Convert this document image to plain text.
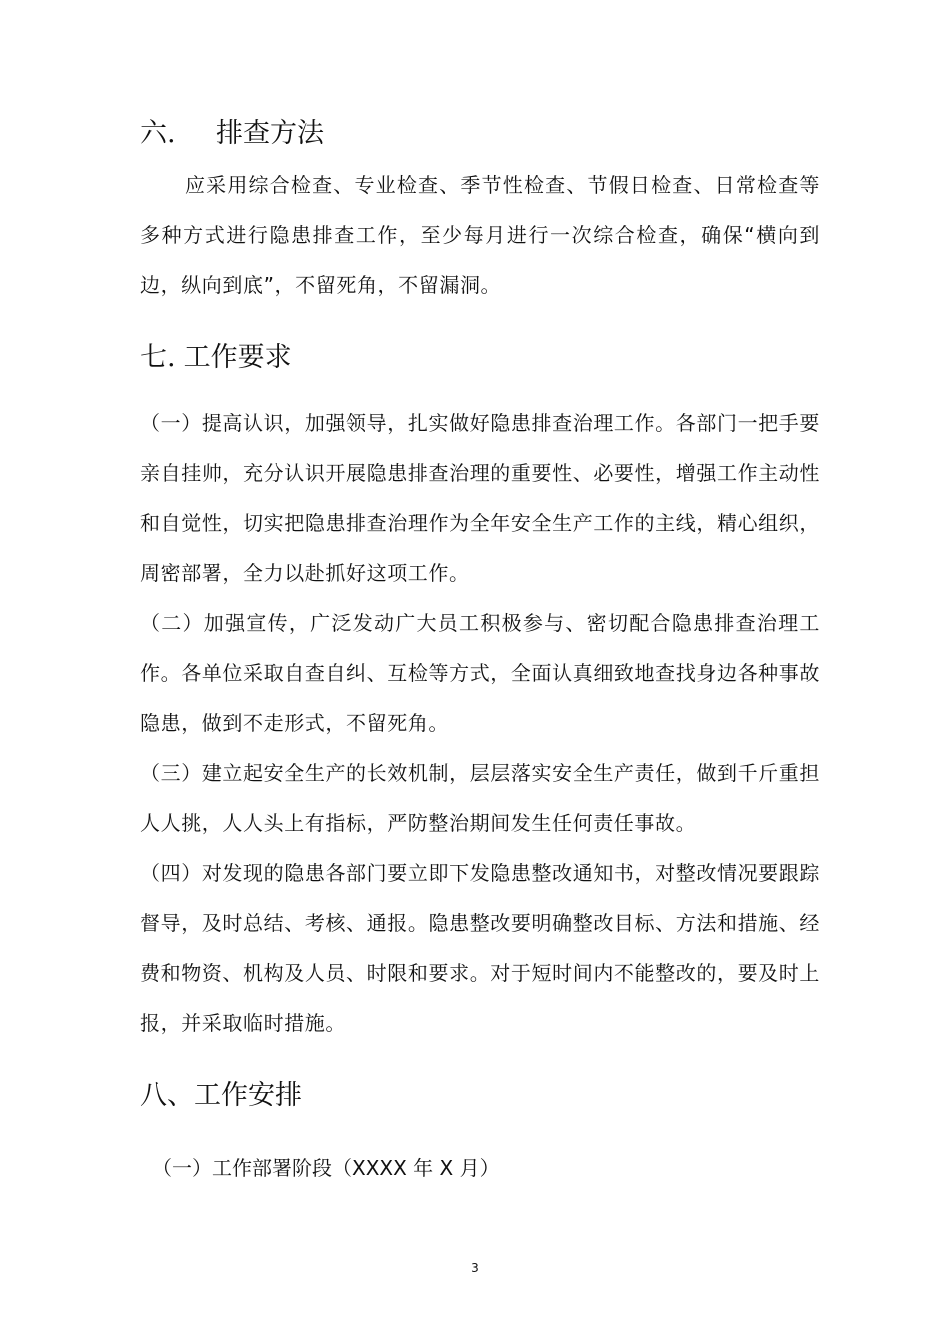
六. 排查方法

应采用综合检查、专业检查、季节性检查、节假日检查、日常检查等多种方式进行隐患排查工作，至少每月进行一次综合检查，确保“横向到边，纵向到底”，不留死角，不留漏洞。

七. 工作要求

（一）提高认识，加强领导，扎实做好隐患排查治理工作。各部门一把手要亲自挂帅，充分认识开展隐患排查治理的重要性、必要性，增强工作主动性和自觉性，切实把隐患排查治理作为全年安全生产工作的主线，精心组织，周密部署，全力以赴抓好这项工作。

（二）加强宣传，广泛发动广大员工积极参与、密切配合隐患排查治理工作。各单位采取自查自纠、互检等方式，全面认真细致地查找身边各种事故隐患，做到不走形式，不留死角。

（三）建立起安全生产的长效机制，层层落实安全生产责任，做到千斤重担人人挑，人人头上有指标，严防整治期间发生任何责任事故。

（四）对发现的隐患各部门要立即下发隐患整改通知书，对整改情况要跟踪督导，及时总结、考核、通报。隐患整改要明确整改目标、方法和措施、经费和物资、机构及人员、时限和要求。对于短时间内不能整改的，要及时上报，并采取临时措施。

八、工作安排

（一）工作部署阶段（XXXX 年 X 月）

3
